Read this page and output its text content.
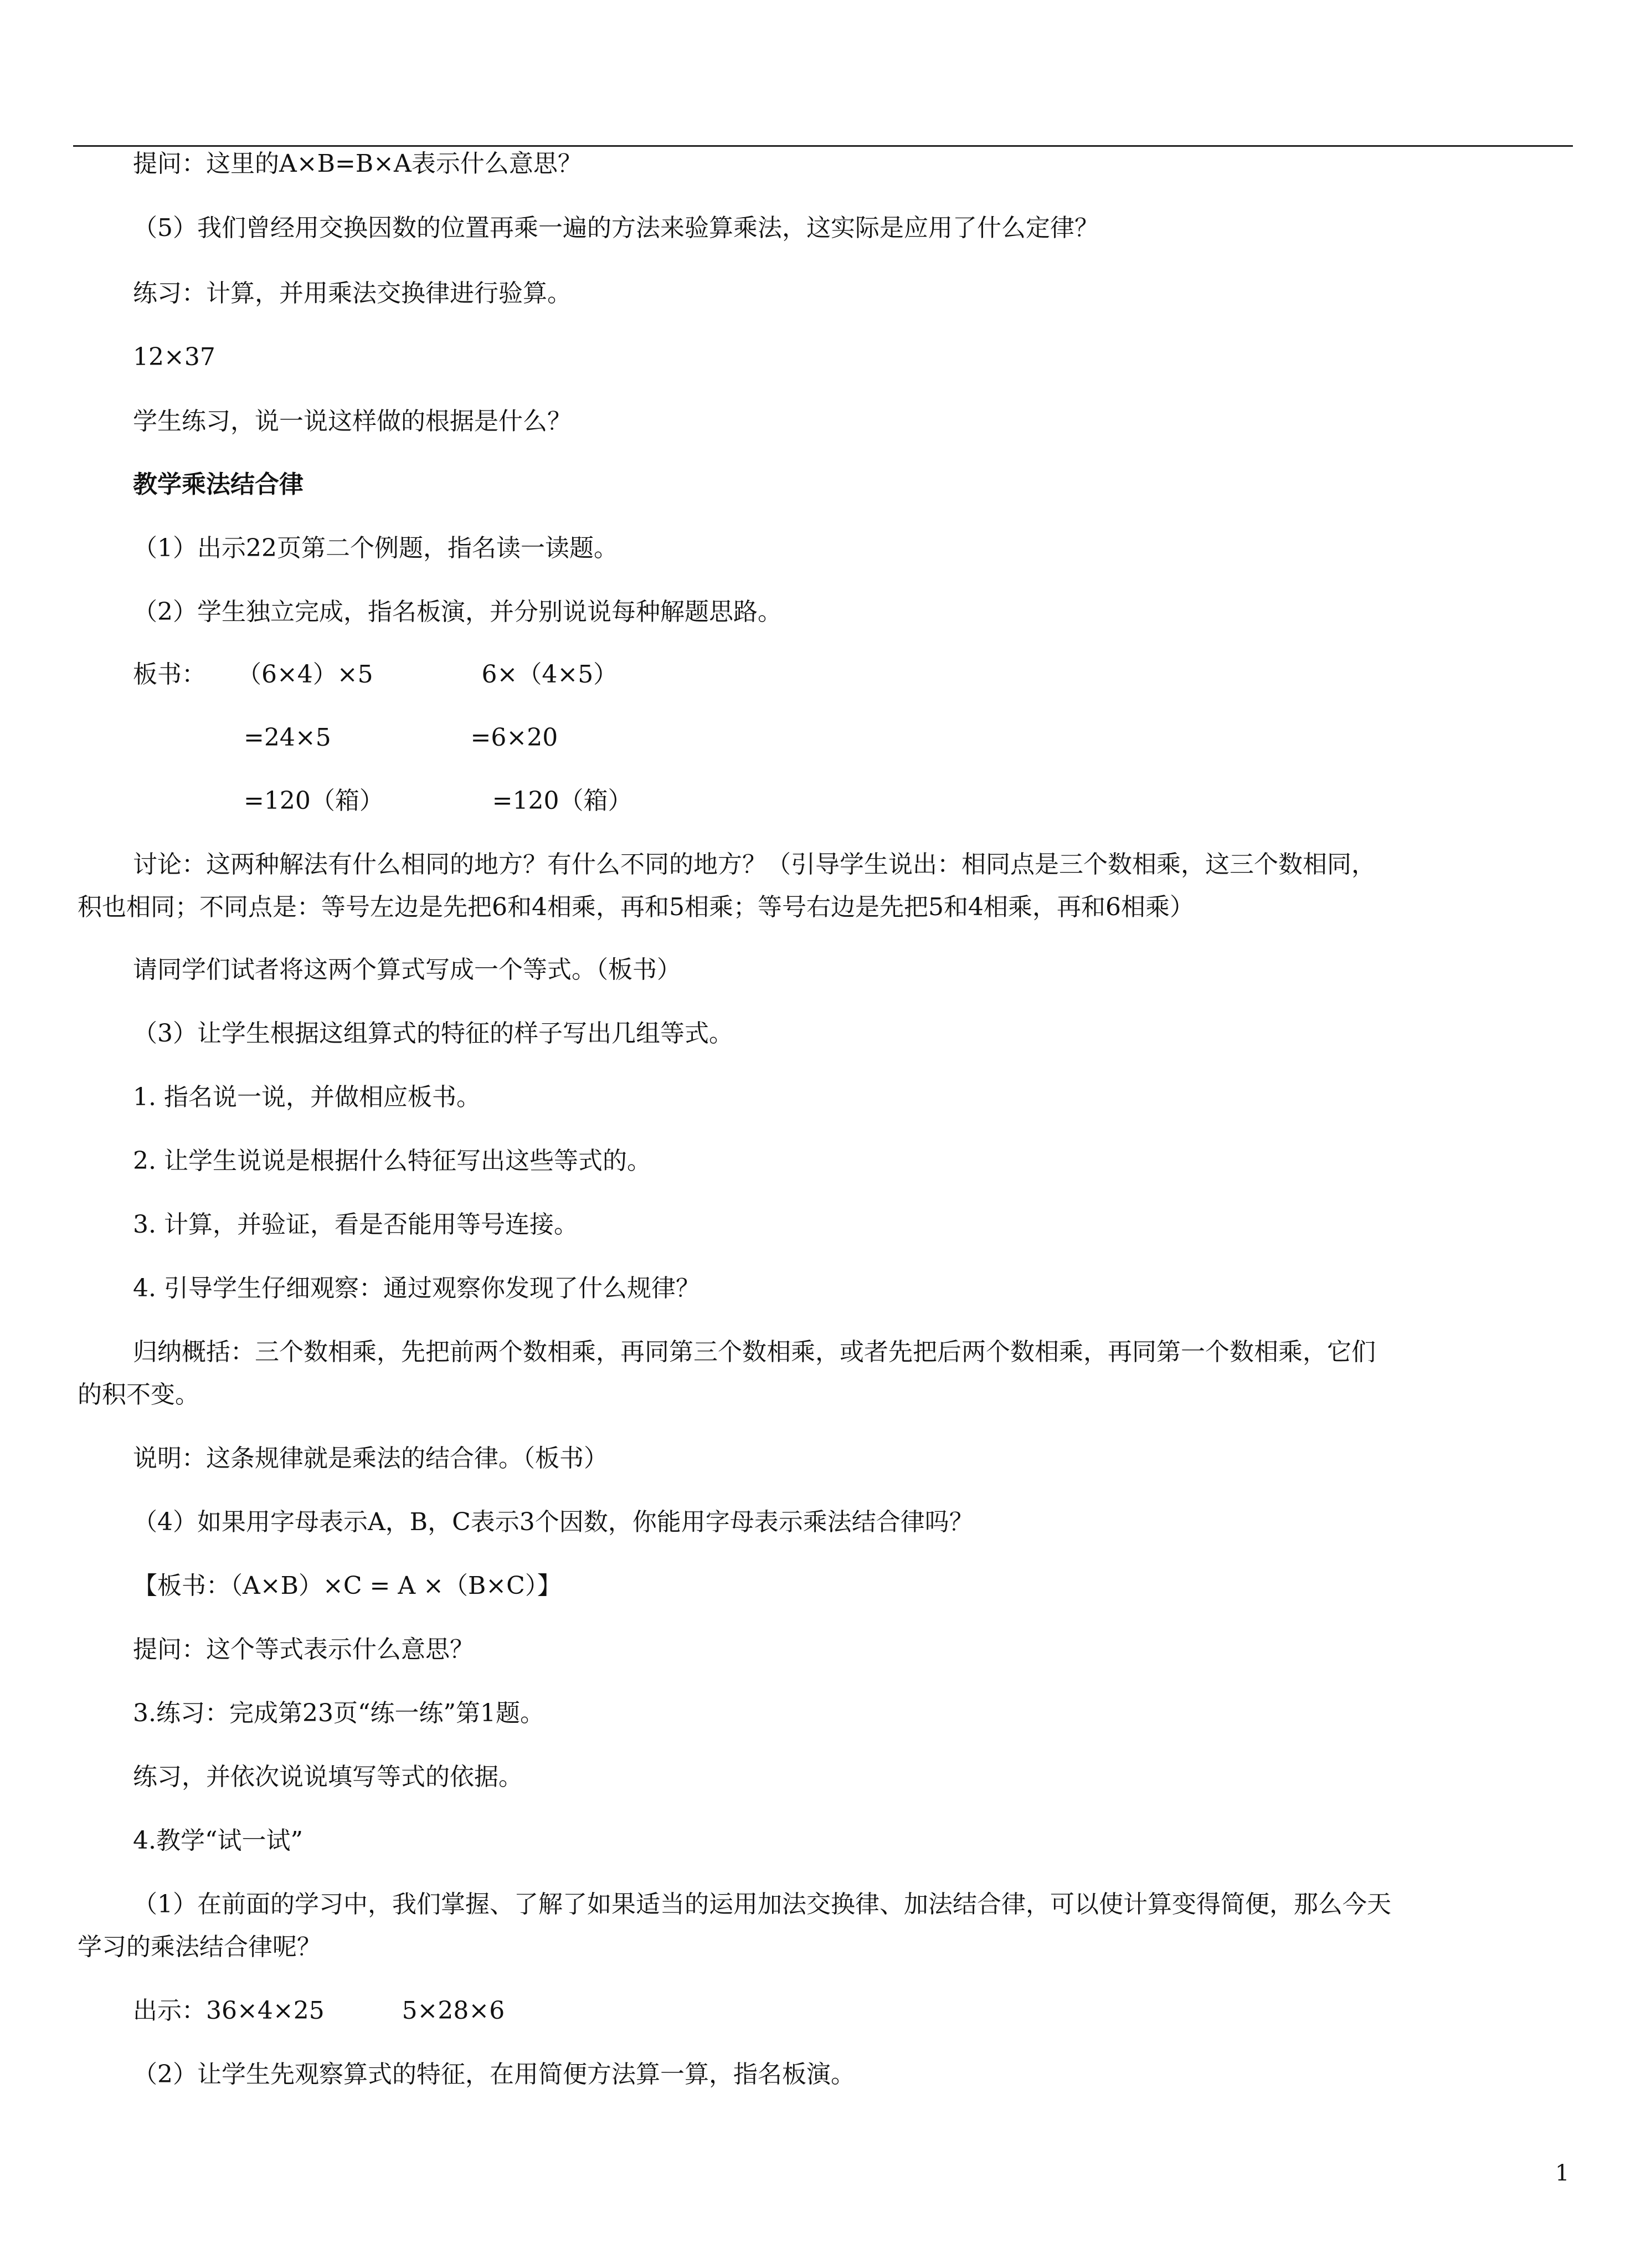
提问：这里的A×B=B×A表示什么意思？
（5）我们曾经用交换因数的位置再乘一遍的方法来验算乘法，这实际是应用了什么定律？
练习：计算，并用乘法交换律进行验算。
12×37
学生练习，说一说这样做的根据是什么？
教学乘法结合律
（1）出示22页第二个例题，指名读一读题。
（2）学生独立完成，指名板演，并分别说说每种解题思路。
板书：    （6×4）×5              6×（4×5）
=24×5                  =6×20
=120（箱）              =120（箱）
讨论：这两种解法有什么相同的地方？有什么不同的地方？（引导学生说出：相同点是三个数相乘，这三个数相同，
积也相同；不同点是：等号左边是先把6和4相乘，再和5相乘；等号右边是先把5和4相乘，再和6相乘）
请同学们试者将这两个算式写成一个等式。（板书）
（3）让学生根据这组算式的特征的样子写出几组等式。
1. 指名说一说，并做相应板书。
2. 让学生说说是根据什么特征写出这些等式的。
3. 计算，并验证，看是否能用等号连接。
4. 引导学生仔细观察：通过观察你发现了什么规律？
归纳概括：三个数相乘，先把前两个数相乘，再同第三个数相乘，或者先把后两个数相乘，再同第一个数相乘，它们
的积不变。
说明：这条规律就是乘法的结合律。（板书）
（4）如果用字母表示A，B，C表示3个因数，你能用字母表示乘法结合律吗？
【板书：（A×B）×C = A ×（B×C）】
提问：这个等式表示什么意思？
3.练习：完成第23页“练一练”第1题。
练习，并依次说说填写等式的依据。
4.教学“试一试”
（1）在前面的学习中，我们掌握、了解了如果适当的运用加法交换律、加法结合律，可以使计算变得简便，那么今天
学习的乘法结合律呢？
出示：36×4×25          5×28×6
（2）让学生先观察算式的特征，在用简便方法算一算，指名板演。
1
